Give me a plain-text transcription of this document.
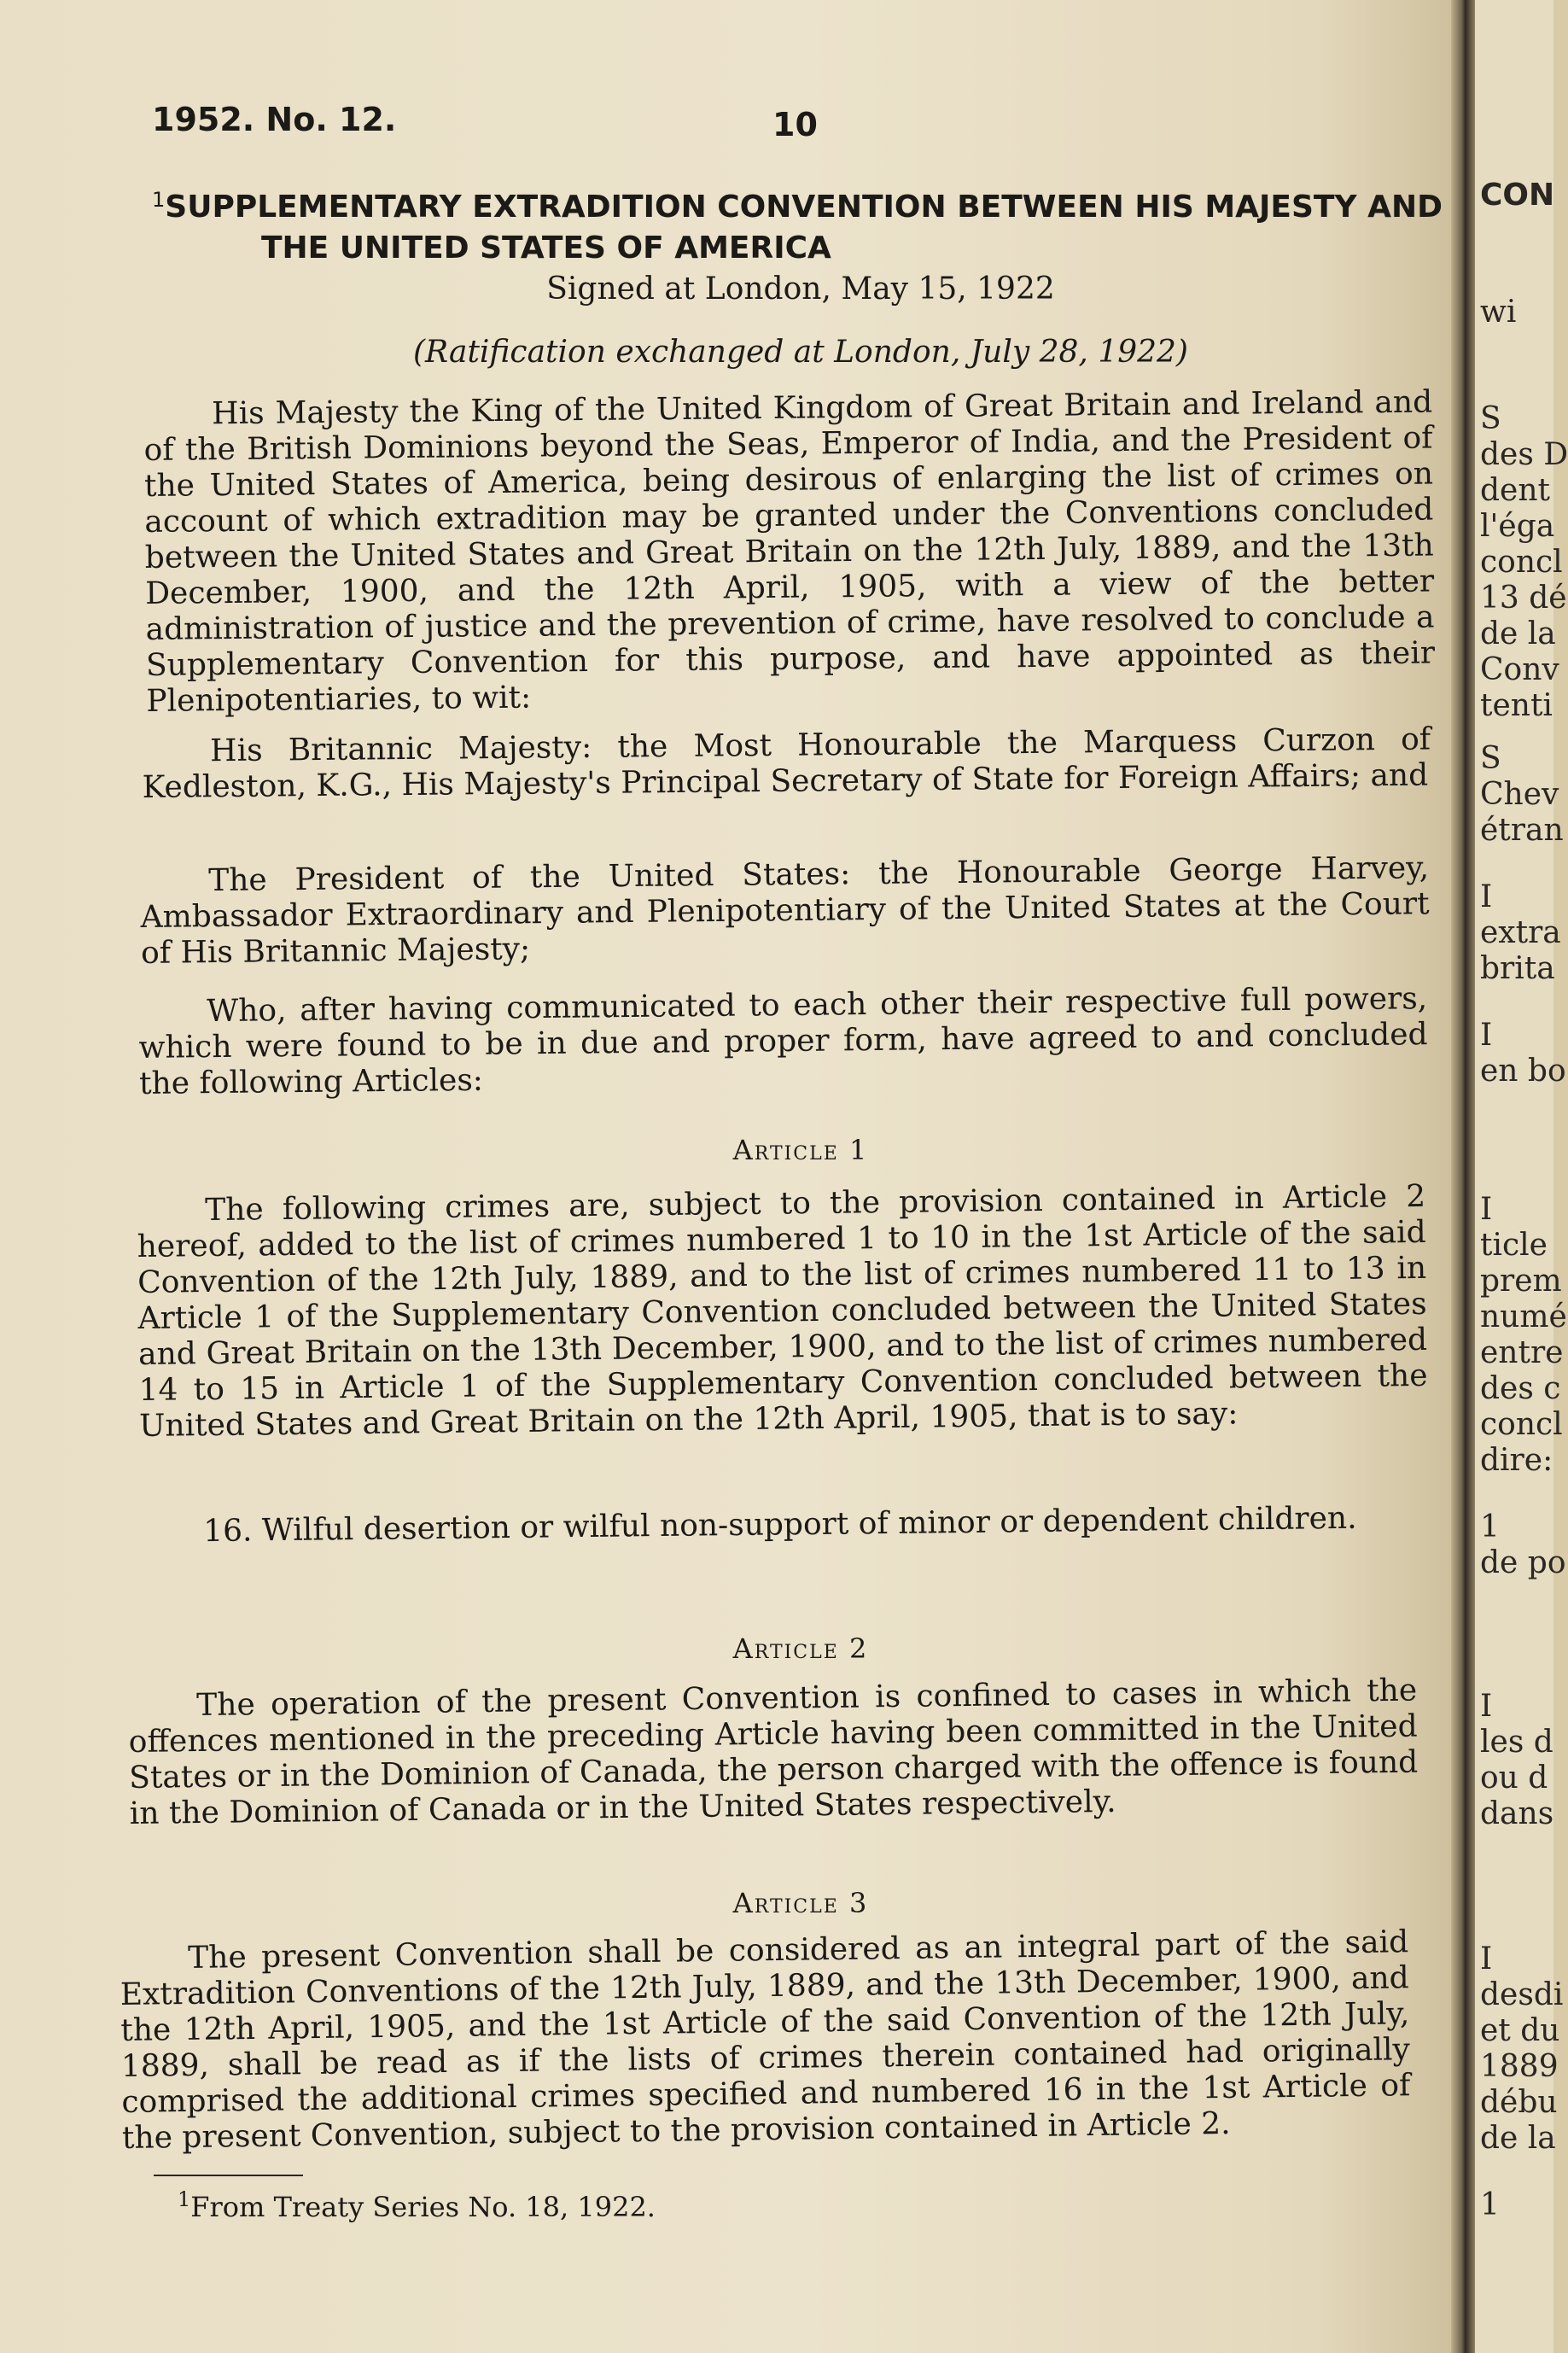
1952. No. 12.	10
$^1$SUPPLEMENTARY EXTRADITION CONVENTION BETWEEN HIS MAJESTY AND
THE UNITED STATES OF AMERICA
Signed at London, May 15, 1922
(Ratification exchanged at London, July 28, 1922)
His Majesty the King of the United Kingdom of Great Britain and Ireland and of the British Dominions beyond the Seas, Emperor of India, and the President of the United States of America, being desirous of enlarging the list of crimes on account of which extradition may be granted under the Conventions concluded between the United States and Great Britain on the 12th July, 1889, and the 13th December, 1900, and the 12th April, 1905, with a view of the better administration of justice and the prevention of crime, have resolved to conclude a Supplementary Convention for this purpose, and have appointed as their Plenipotentiaries, to wit:
His Britannic Majesty: the Most Honourable the Marquess Curzon of Kedleston, K.G., His Majesty's Principal Secretary of State for Foreign Affairs; and
The President of the United States: the Honourable George Harvey, Ambassador Extraordinary and Plenipotentiary of the United States at the Court of His Britannic Majesty;
Who, after having communicated to each other their respective full powers, which were found to be in due and proper form, have agreed to and concluded the following Articles:
Article 1
The following crimes are, subject to the provision contained in Article 2 hereof, added to the list of crimes numbered 1 to 10 in the 1st Article of the said Convention of the 12th July, 1889, and to the list of crimes numbered 11 to 13 in Article 1 of the Supplementary Convention concluded between the United States and Great Britain on the 13th December, 1900, and to the list of crimes numbered 14 to 15 in Article 1 of the Supplementary Convention concluded between the United States and Great Britain on the 12th April, 1905, that is to say:
16. Wilful desertion or wilful non-support of minor or dependent children.
Article 2
The operation of the present Convention is confined to cases in which the offences mentioned in the preceding Article having been committed in the United States or in the Dominion of Canada, the person charged with the offence is found in the Dominion of Canada or in the United States respectively.
Article 3
The present Convention shall be considered as an integral part of the said Extradition Conventions of the 12th July, 1889, and the 13th December, 1900, and the 12th April, 1905, and the 1st Article of the said Convention of the 12th July, 1889, shall be read as if the lists of crimes therein contained had originally comprised the additional crimes specified and numbered 16 in the 1st Article of the present Convention, subject to the provision contained in Article 2.
$^1$From Treaty Series No. 18, 1922.
CON
wi
S
des D
dent
l'éga
concl
13 dé
de la
Conv
tenti
S
Chev
étran
I
extra
brita
I
en bo
I
ticle
prem
numé
entre
des c
concl
dire:
1
de po
I
les d
ou d
dans
I
desdi
et du
1889
débu
de la
1
